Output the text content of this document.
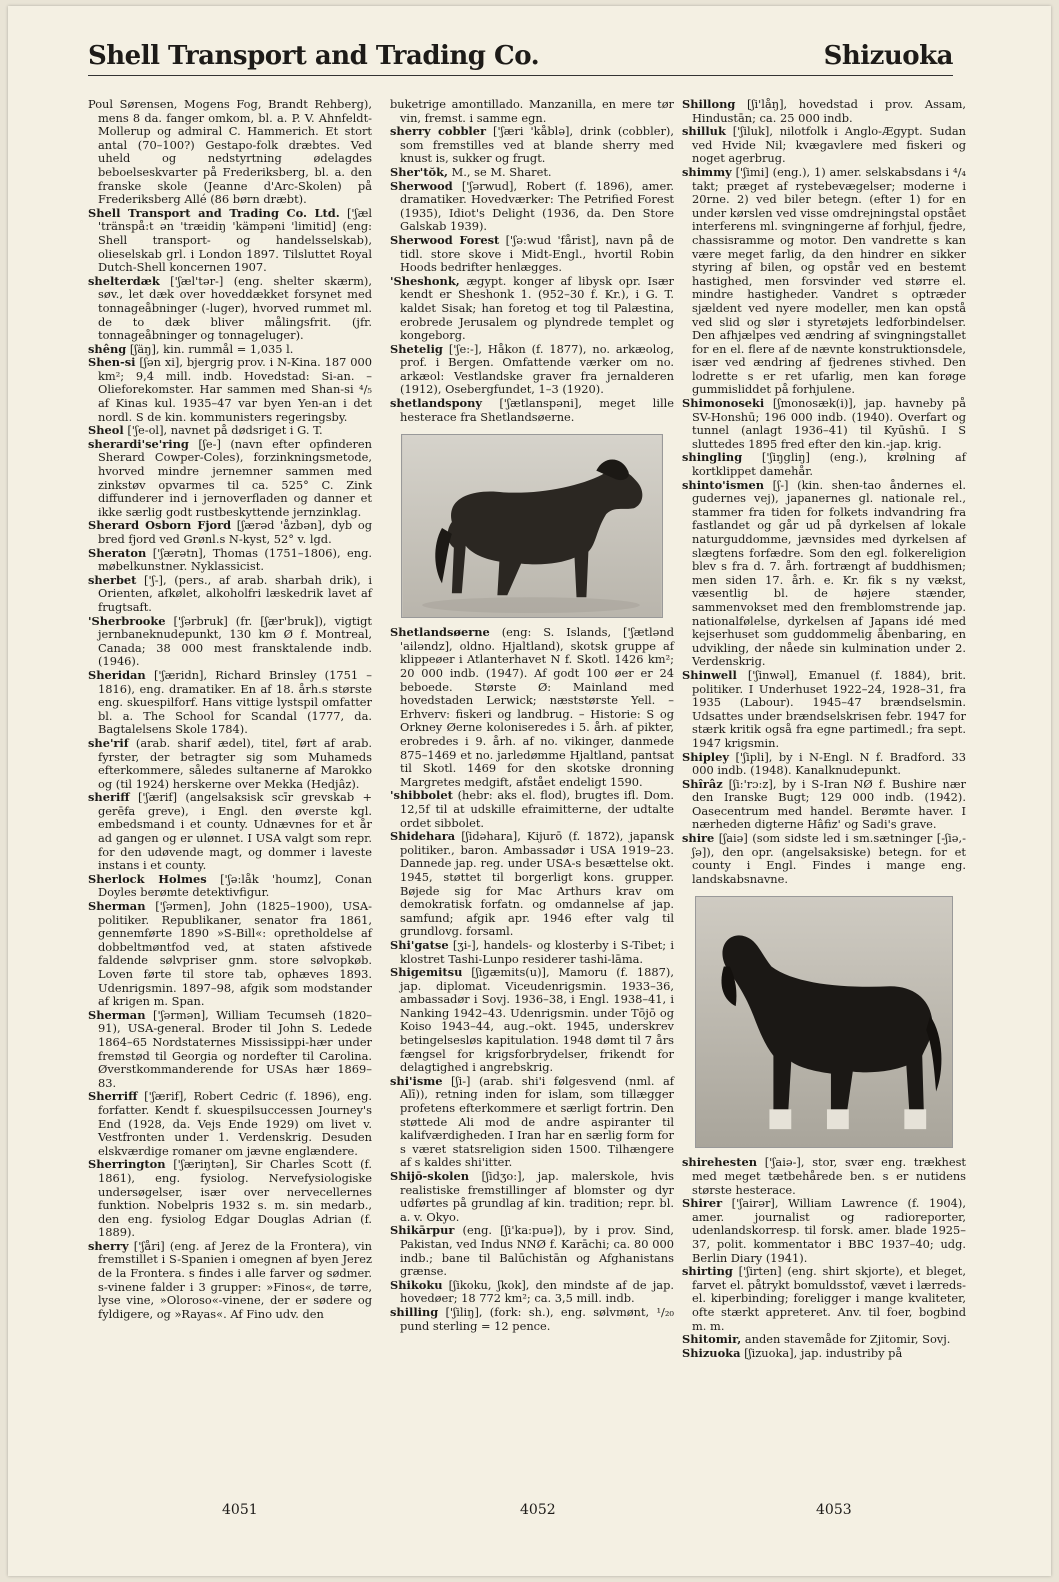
Shell Transport and Trading Co.	Shizuoka

Poul Sørensen, Mogens Fog, Brandt Rehberg), mens 8 da. fanger omkom, bl. a. P. V. Ahnfeldt-Mollerup og admiral C. Hammerich. Et stort antal (70–100?) Gestapo-folk dræbtes. Ved uheld og nedstyrtning ødelagdes beboelseskvarter på Frederiksberg, bl. a. den franske skole (Jeanne d'Arc-Skolen) på Frederiksberg Allé (86 børn dræbt).

Shell Transport and Trading Co. Ltd. ['ʃæl 'tränspå:t ən 'træidiŋ 'kämpəni 'limitid] (eng: Shell transport- og handelsselskab), olieselskab grl. i London 1897. Tilsluttet Royal Dutch-Shell koncernen 1907.

shelterdæk ['ʃæl'tər-] (eng. shelter skærm), søv., let dæk over hoveddækket forsynet med tonnageåbninger (-luger), hvorved rummet ml. de to dæk bliver målingsfrit. (jfr. tonnageåbninger og tonnageluger).

shêng [ʃäŋ], kin. rummål = 1,035 l.

Shen-si [ʃən xi], bjergrig prov. i N-Kina. 187 000 km²; 9,4 mill. indb. Hovedstad: Si-an. – Olieforekomster. Har sammen med Shan-si ⁴/₅ af Kinas kul. 1935–47 var byen Yen-an i det nordl. S de kin. kommunisters regeringsby.

Sheol ['ʃe-ol], navnet på dødsriget i G. T.

sherardi'se'ring [ʃe-] (navn efter opfinderen Sherard Cowper-Coles), forzinkningsmetode, hvorved mindre jernemner sammen med zinkstøv opvarmes til ca. 525° C. Zink diffunderer ind i jernoverfladen og danner et ikke særlig godt rustbeskyttende jernzinklag.

Sherard Osborn Fjord [ʃærəd 'åzbən], dyb og bred fjord ved Grønl.s N-kyst, 52° v. lgd.

Sheraton ['ʃærətn], Thomas (1751–1806), eng. møbelkunstner. Nyklassicist.

sherbet ['ʃ-], (pers., af arab. sharbah drik), i Orienten, afkølet, alkoholfri læskedrik lavet af frugtsaft.

'Sherbrooke ['ʃərbruk] (fr. [ʃær'bruk]), vigtigt jernbaneknudepunkt, 130 km Ø f. Montreal, Canada; 38 000 mest fransktalende indb. (1946).

Sheridan ['ʃæridn], Richard Brinsley (1751 –1816), eng. dramatiker. En af 18. årh.s største eng. skuespilforf. Hans vittige lystspil omfatter bl. a. The School for Scandal (1777, da. Bagtalelsens Skole 1784).

she'rif (arab. sharif ædel), titel, ført af arab. fyrster, der betragter sig som Muhameds efterkommere, således sultanerne af Marokko og (til 1924) herskerne over Mekka (Hedjâz).

sheriff ['ʃærif] (angelsaksisk scīr grevskab + gerēfa greve), i Engl. den øverste kgl. embedsmand i et county. Udnævnes for et år ad gangen og er ulønnet. I USA valgt som repr. for den udøvende magt, og dommer i laveste instans i et county.

Sherlock Holmes ['ʃə:låk 'houmz], Conan Doyles berømte detektivfigur.

Sherman ['ʃərmen], John (1825–1900), USA-politiker. Republikaner, senator fra 1861, gennemførte 1890 »S-Bill«: opretholdelse af dobbeltmøntfod ved, at staten afstivede faldende sølvpriser gnm. store sølvopkøb. Loven førte til store tab, ophæves 1893. Udenrigsmin. 1897–98, afgik som modstander af krigen m. Span.

Sherman ['ʃərmən], William Tecumseh (1820–91), USA-general. Broder til John S. Ledede 1864–65 Nordstaternes Mississippi-hær under fremstød til Georgia og nordefter til Carolina. Øverstkommanderende for USAs hær 1869–83.

Sherriff ['ʃærif], Robert Cedric (f. 1896), eng. forfatter. Kendt f. skuespilsuccessen Journey's End (1928, da. Vejs Ende 1929) om livet v. Vestfronten under 1. Verdenskrig. Desuden elskværdige romaner om jævne englændere.

Sherrington ['ʃæriŋtən], Sir Charles Scott (f. 1861), eng. fysiolog. Nervefysiologiske undersøgelser, især over nervecellernes funktion. Nobelpris 1932 s. m. sin medarb., den eng. fysiolog Edgar Douglas Adrian (f. 1889).

sherry ['ʃåri] (eng. af Jerez de la Frontera), vin fremstillet i S-Spanien i omegnen af byen Jerez de la Frontera. s findes i alle farver og sødmer. s-vinene falder i 3 grupper: »Finos«, de tørre, lyse vine, »Oloroso«-vinene, der er sødere og fyldigere, og »Rayas«. Af Fino udv. den

buketrige amontillado. Manzanilla, en mere tør vin, fremst. i samme egn.

sherry cobbler ['ʃæri 'kåblə], drink (cobbler), som fremstilles ved at blande sherry med knust is, sukker og frugt.

Sher'tŏk, M., se M. Sharet.

Sherwood ['ʃərwud], Robert (f. 1896), amer. dramatiker. Hovedværker: The Petrified Forest (1935), Idiot's Delight (1936, da. Den Store Galskab 1939).

Sherwood Forest ['ʃə:wud 'fårist], navn på de tidl. store skove i Midt-Engl., hvortil Robin Hoods bedrifter henlægges.

'Sheshonk, ægypt. konger af libysk opr. Især kendt er Sheshonk 1. (952–30 f. Kr.), i G. T. kaldet Sisak; han foretog et tog til Palæstina, erobrede Jerusalem og plyndrede templet og kongeborg.

Shetelig ['ʃe:-], Håkon (f. 1877), no. arkæolog, prof. i Bergen. Omfattende værker om no. arkæol: Vestlandske graver fra jernalderen (1912), Osebergfundet, 1–3 (1920).

shetlandspony ['ʃætlanspəni], meget lille hesterace fra Shetlandsøerne.

Shetlandsøerne (eng: S. Islands, ['ʃætlənd 'ailəndz], oldno. Hjaltland), skotsk gruppe af klippeøer i Atlanterhavet N f. Skotl. 1426 km²; 20 000 indb. (1947). Af godt 100 øer er 24 beboede. Største Ø: Mainland med hovedstaden Lerwick; næststørste Yell. – Erhverv: fiskeri og landbrug. – Historie: S og Orkney Øerne koloniseredes i 5. årh. af pikter, erobredes i 9. årh. af no. vikinger, danmede 875–1469 et no. jarledømme Hjaltland, pantsat til Skotl. 1469 for den skotske dronning Margretes medgift, afstået endeligt 1590.

'shibbolet (hebr: aks el. flod), brugtes ifl. Dom. 12,5f til at udskille efraimitterne, der udtalte ordet sibbolet.

Shidehara [ʃidəhara], Kijurō (f. 1872), japansk politiker., baron. Ambassadør i USA 1919–23. Dannede jap. reg. under USA-s besættelse okt. 1945, støttet til borgerligt kons. grupper. Bøjede sig for Mac Arthurs krav om demokratisk forfatn. og omdannelse af jap. samfund; afgik apr. 1946 efter valg til grundlovg. forsaml.

Shi'gatse [ʒi-], handels- og klosterby i S-Tibet; i klostret Tashi-Lunpo residerer tashi-lāma.

Shigemitsu [ʃigæmits(u)], Mamoru (f. 1887), jap. diplomat. Viceudenrigsmin. 1933–36, ambassadør i Sovj. 1936–38, i Engl. 1938–41, i Nanking 1942–43. Udenrigsmin. under Tōjō og Koiso 1943–44, aug.–okt. 1945, underskrev betingelsesløs kapitulation. 1948 dømt til 7 års fængsel for krigsforbrydelser, frikendt for delagtighed i angrebskrig.

shi'isme [ʃi-] (arab. shi'i følgesvend (nml. af Alī)), retning inden for islam, som tillægger profetens efterkommere et særligt fortrin. Den støttede Ali mod de andre aspiranter til kalifværdigheden. I Iran har en særlig form for s været statsreligion siden 1500. Tilhængere af s kaldes shi'itter.

Shijō-skolen [ʃidʒo:], jap. malerskole, hvis realistiske fremstillinger af blomster og dyr udførtes på grundlag af kin. tradition; repr. bl. a. v. Okyo.

Shikārpur (eng. [ʃi'ka:puə]), by i prov. Sind, Pakistan, ved Indus NNØ f. Karāchi; ca. 80 000 indb.; bane til Balūchistān og Afghanistans grænse.

Shikoku [ʃikoku, ʃkok], den mindste af de jap. hovedøer; 18 772 km²; ca. 3,5 mill. indb.

shilling ['ʃiliŋ], (fork: sh.), eng. sølvmønt, ¹/₂₀ pund sterling = 12 pence.

Shillong [ʃi'låŋ], hovedstad i prov. Assam, Hindustān; ca. 25 000 indb.

shilluk ['ʃiluk], nilotfolk i Anglo-Ægypt. Sudan ved Hvide Nil; kvægavlere med fiskeri og noget agerbrug.

shimmy ['ʃimi] (eng.), 1) amer. selskabsdans i ⁴/₄ takt; præget af rystebevægelser; moderne i 20rne. 2) ved biler betegn. (efter 1) for en under kørslen ved visse omdrejningstal opstået interferens ml. svingningerne af forhjul, fjedre, chassisramme og motor. Den vandrette s kan være meget farlig, da den hindrer en sikker styring af bilen, og opstår ved en bestemt hastighed, men forsvinder ved større el. mindre hastigheder. Vandret s optræder sjældent ved nyere modeller, men kan opstå ved slid og slør i styretøjets ledforbindelser. Den afhjælpes ved ændring af svingningstallet for en el. flere af de nævnte konstruktionsdele, især ved ændring af fjedrenes stivhed. Den lodrette s er ret ufarlig, men kan forøge gummisliddet på forhjulene.

Shimonoseki [ʃmonosæk(i)], jap. havneby på SV-Honshū; 196 000 indb. (1940). Overfart og tunnel (anlagt 1936–41) til Kyūshū. I S sluttedes 1895 fred efter den kin.-jap. krig.

shingling ['ʃiŋgliŋ] (eng.), krølning af kortklippet damehår.

shinto'ismen [ʃ-] (kin. shen-tao åndernes el. gudernes vej), japanernes gl. nationale rel., stammer fra tiden for folkets indvandring fra fastlandet og går ud på dyrkelsen af lokale naturguddomme, jævnsides med dyrkelsen af slægtens forfædre. Som den egl. folkereligion blev s fra d. 7. årh. fortrængt af buddhismen; men siden 17. årh. e. Kr. fik s ny vækst, væsentlig bl. de højere stænder, sammenvokset med den fremblomstrende jap. nationalfølelse, dyrkelsen af Japans idé med kejserhuset som guddommelig åbenbaring, en udvikling, der nåede sin kulmination under 2. Verdenskrig.

Shinwell ['ʃinwəl], Emanuel (f. 1884), brit. politiker. I Underhuset 1922–24, 1928–31, fra 1935 (Labour). 1945–47 brændselsmin. Udsattes under brændselskrisen febr. 1947 for stærk kritik også fra egne partimedl.; fra sept. 1947 krigsmin.

Shipley ['ʃipli], by i N-Engl. N f. Bradford. 33 000 indb. (1948). Kanalknudepunkt.

Shîrâz [ʃi:'rɔ:z], by i S-Iran NØ f. Bushire nær den Iranske Bugt; 129 000 indb. (1942). Oasecentrum med handel. Berømte haver. I nærheden digterne Hâfiz' og Sadi's grave.

shire [ʃaiə] (som sidste led i sm.sætninger [-ʃiə,-ʃə]), den opr. (angelsaksiske) betegn. for et county i Engl. Findes i mange eng. landskabsnavne.

shirehesten ['ʃaiə-], stor, svær eng. trækhest med meget tætbehårede ben. s er nutidens største hesterace.

Shirer ['ʃairər], William Lawrence (f. 1904), amer. journalist og radioreporter, udenlandskorresp. til forsk. amer. blade 1925–37, polit. kommentator i BBC 1937–40; udg. Berlin Diary (1941).

shirting ['ʃirten] (eng. shirt skjorte), et bleget, farvet el. påtrykt bomuldsstof, vævet i lærreds- el. kiperbinding; foreligger i mange kvaliteter, ofte stærkt appreteret. Anv. til foer, bogbind m. m.

Shitomir, anden stavemåde for Zjitomir, Sovj.

Shizuoka [ʃizuoka], jap. industriby på

4051	4052	4053
